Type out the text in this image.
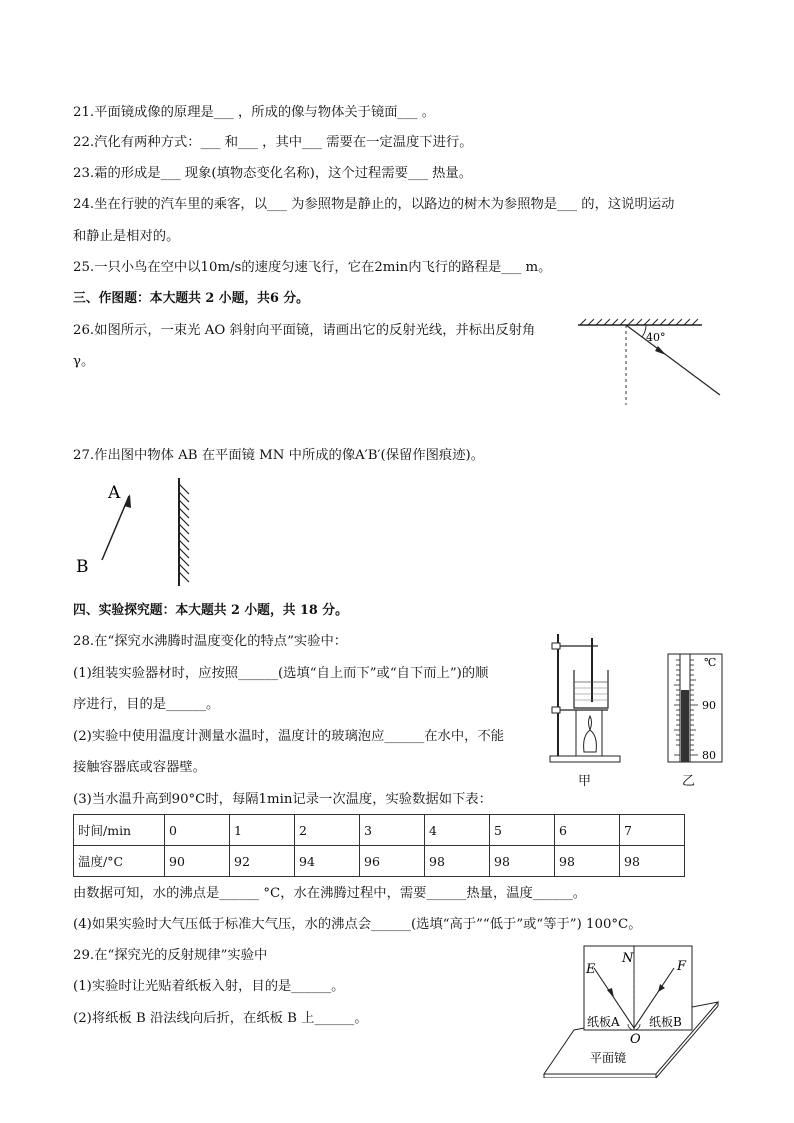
21.平面镜成像的原理是___ ，所成的像与物体关于镜面___ 。
22.汽化有两种方式：___ 和___ ，其中___ 需要在一定温度下进行。
23.霜的形成是___ 现象(填物态变化名称)，这个过程需要___ 热量。
24.坐在行驶的汽车里的乘客，以___ 为参照物是静止的，以路边的树木为参照物是___ 的，这说明运动
和静止是相对的。
25.一只小鸟在空中以10m/s的速度匀速飞行，它在2min内飞行的路程是___ m。
三、作图题：本大题共 2 小题，共6 分。
26.如图所示，一束光 AO 斜射向平面镜，请画出它的反射光线，并标出反射角
γ。
40°
27.作出图中物体 AB 在平面镜 MN 中所成的像A′B′(保留作图痕迹)。
A
B
四、实验探究题：本大题共 2 小题，共 18 分。
28.在“探究水沸腾时温度变化的特点”实验中：
(1)组装实验器材时，应按照______(选填“自上而下”或“自下而上”)的顺
序进行，目的是______。
(2)实验中使用温度计测量水温时，温度计的玻璃泡应______在水中，不能
接触容器底或容器壁。
甲
℃
90
80
乙
(3)当水温升高到90°C时，每隔1min记录一次温度，实验数据如下表：
时间/min	0	1	2	3	4	5	6	7
温度/°C	90	92	94	96	98	98	98	98
由数据可知，水的沸点是______ °C，水在沸腾过程中，需要______热量，温度______。
(4)如果实验时大气压低于标准大气压，水的沸点会______(选填“高于”“低于”或“等于”) 100°C。
29.在“探究光的反射规律”实验中
(1)实验时让光贴着纸板入射，目的是______。
(2)将纸板 B 沿法线向后折，在纸板 B 上______。
E
N
F
O
纸板A 纸板B
平面镜
